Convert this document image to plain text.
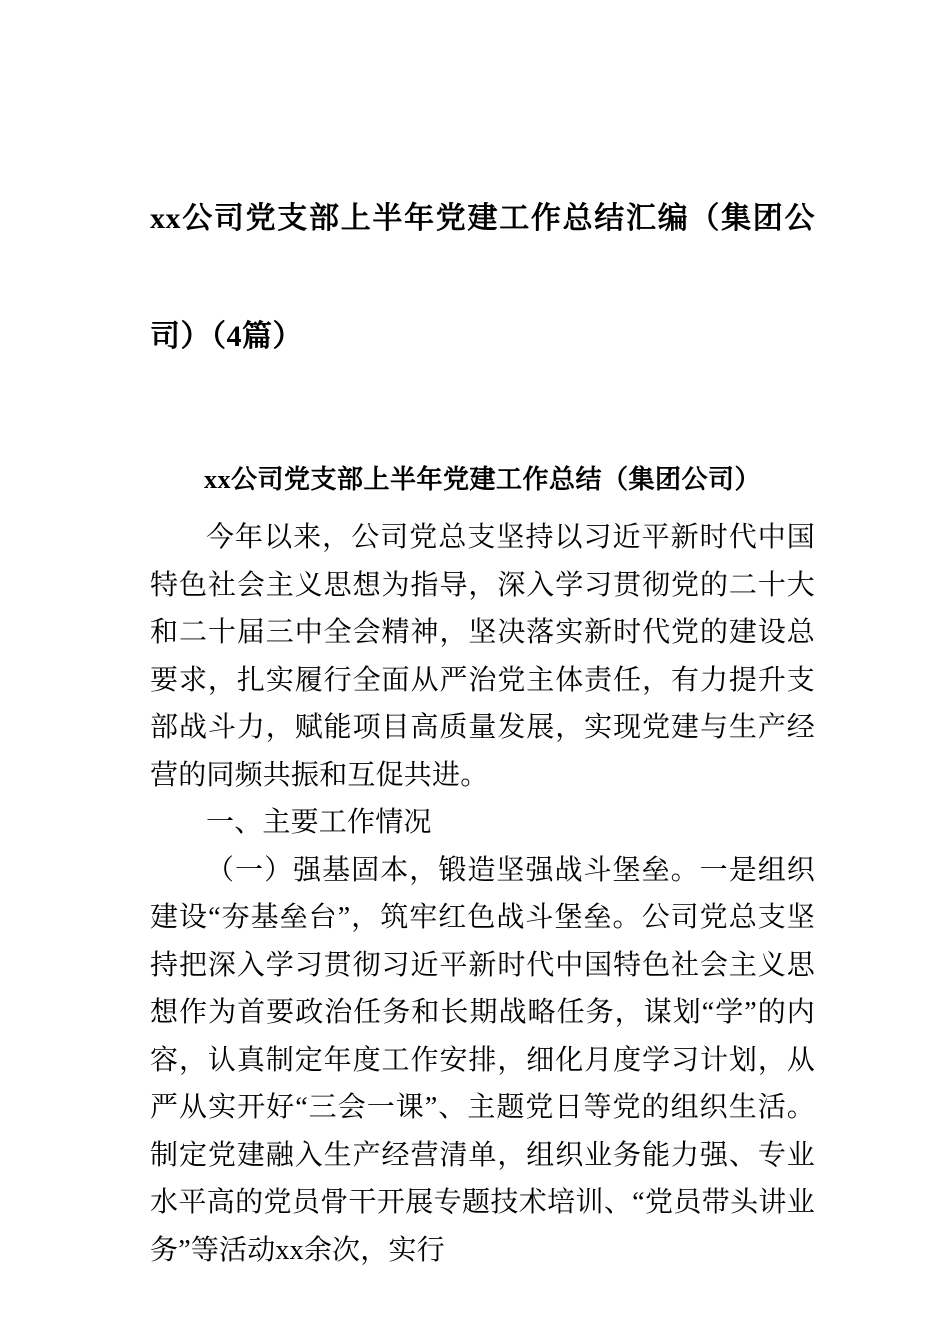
xx公司党支部上半年党建工作总结汇编（集团公司）（4篇）
xx公司党支部上半年党建工作总结（集团公司）

今年以来，公司党总支坚持以习近平新时代中国特色社会主义思想为指导，深入学习贯彻党的二十大和二十届三中全会精神，坚决落实新时代党的建设总要求，扎实履行全面从严治党主体责任，有力提升支部战斗力，赋能项目高质量发展，实现党建与生产经营的同频共振和互促共进。

一、主要工作情况

（一）强基固本，锻造坚强战斗堡垒。一是组织建设“夯基垒台”，筑牢红色战斗堡垒。公司党总支坚持把深入学习贯彻习近平新时代中国特色社会主义思想作为首要政治任务和长期战略任务，谋划“学”的内容，认真制定年度工作安排，细化月度学习计划，从严从实开好“三会一课”、主题党日等党的组织生活。制定党建融入生产经营清单，组织业务能力强、专业水平高的党员骨干开展专题技术培训、“党员带头讲业务”等活动xx余次，实行
